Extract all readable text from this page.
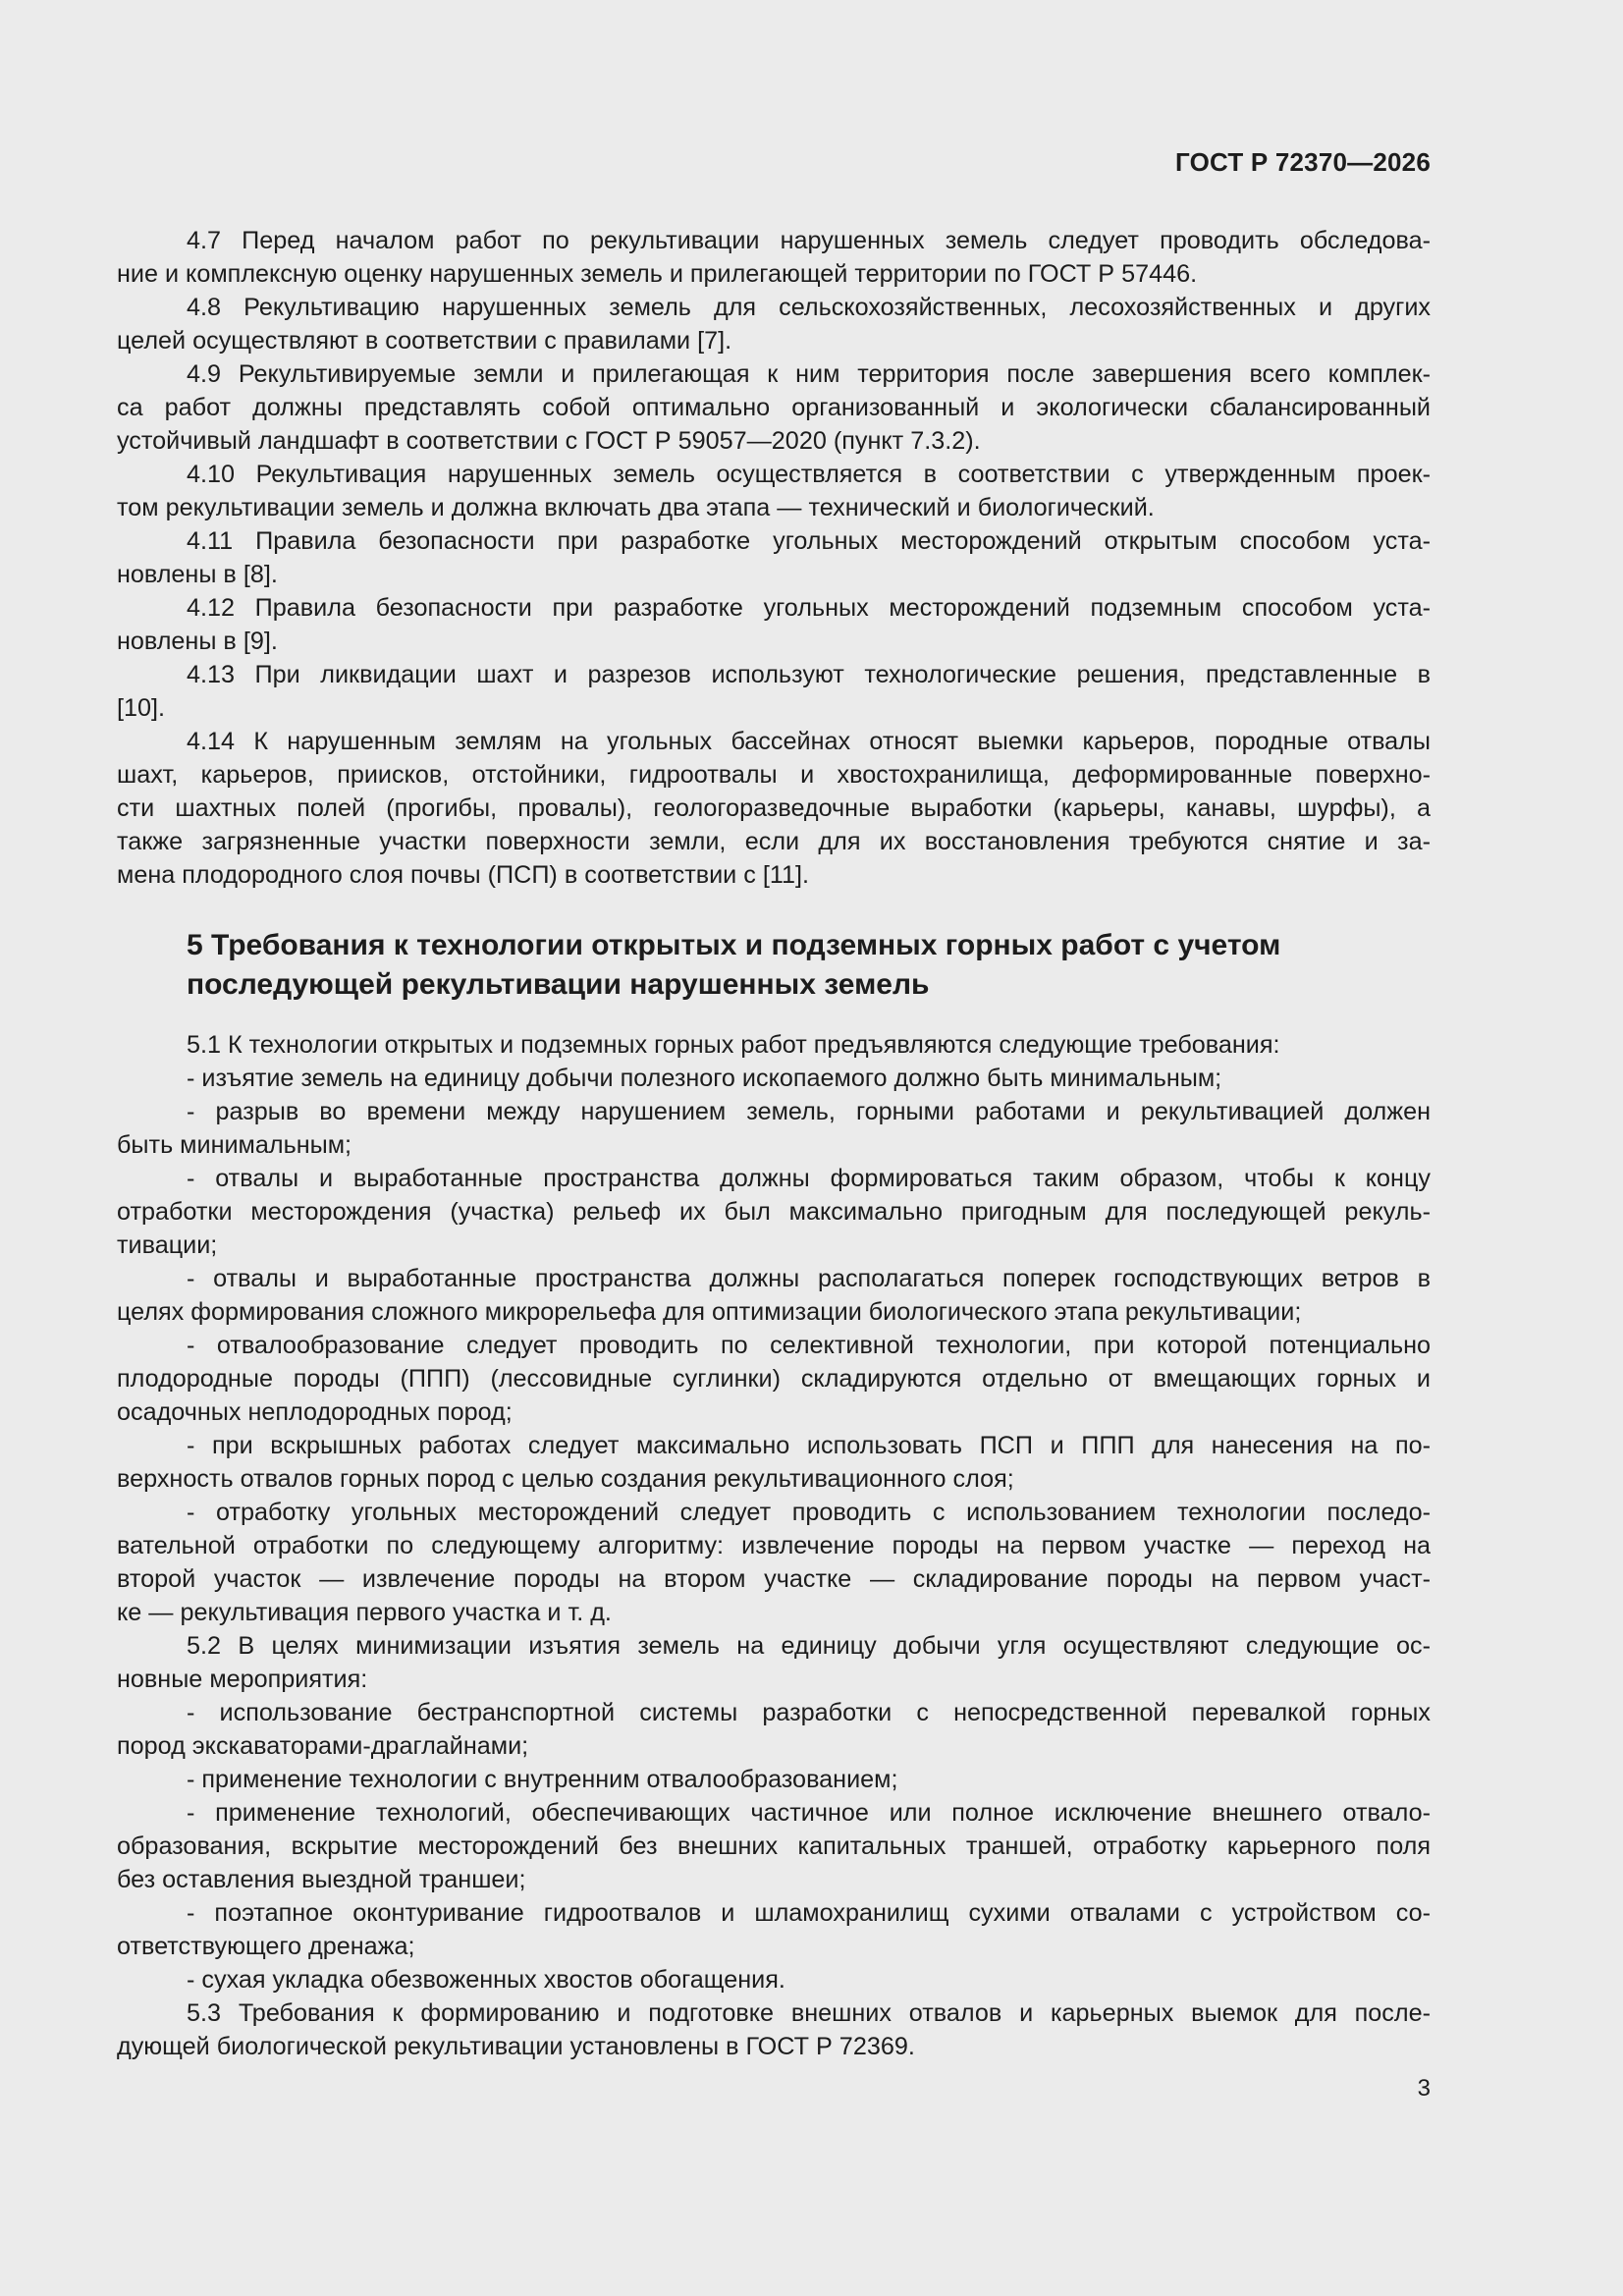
ГОСТ Р 72370—2026
4.7 Перед началом работ по рекультивации нарушенных земель следует проводить обследова-
ние и комплексную оценку нарушенных земель и прилегающей территории по ГОСТ Р 57446.
4.8 Рекультивацию нарушенных земель для сельскохозяйственных, лесохозяйственных и других
целей осуществляют в соответствии с правилами [7].
4.9 Рекультивируемые земли и прилегающая к ним территория после завершения всего комплек-
са работ должны представлять собой оптимально организованный и экологически сбалансированный
устойчивый ландшафт в соответствии с ГОСТ Р 59057—2020 (пункт 7.3.2).
4.10 Рекультивация нарушенных земель осуществляется в соответствии с утвержденным проек-
том рекультивации земель и должна включать два этапа — технический и биологический.
4.11 Правила безопасности при разработке угольных месторождений открытым способом уста-
новлены в [8].
4.12 Правила безопасности при разработке угольных месторождений подземным способом уста-
новлены в [9].
4.13 При ликвидации шахт и разрезов используют технологические решения, представленные в
[10].
4.14 К нарушенным землям на угольных бассейнах относят выемки карьеров, породные отвалы
шахт, карьеров, приисков, отстойники, гидроотвалы и хвостохранилища, деформированные поверхно-
сти шахтных полей (прогибы, провалы), геологоразведочные выработки (карьеры, канавы, шурфы), а
также загрязненные участки поверхности земли, если для их восстановления требуются снятие и за-
мена плодородного слоя почвы (ПСП) в соответствии с [11].
5 Требования к технологии открытых и подземных горных работ с учетом
последующей рекультивации нарушенных земель
5.1 К технологии открытых и подземных горных работ предъявляются следующие требования:
- изъятие земель на единицу добычи полезного ископаемого должно быть минимальным;
- разрыв во времени между нарушением земель, горными работами и рекультивацией должен
быть минимальным;
- отвалы и выработанные пространства должны формироваться таким образом, чтобы к концу
отработки месторождения (участка) рельеф их был максимально пригодным для последующей рекуль-
тивации;
- отвалы и выработанные пространства должны располагаться поперек господствующих ветров в
целях формирования сложного микрорельефа для оптимизации биологического этапа рекультивации;
- отвалообразование следует проводить по селективной технологии, при которой потенциально
плодородные породы (ППП) (лессовидные суглинки) складируются отдельно от вмещающих горных и
осадочных неплодородных пород;
- при вскрышных работах следует максимально использовать ПСП и ППП для нанесения на по-
верхность отвалов горных пород с целью создания рекультивационного слоя;
- отработку угольных месторождений следует проводить с использованием технологии последо-
вательной отработки по следующему алгоритму: извлечение породы на первом участке — переход на
второй участок — извлечение породы на втором участке — складирование породы на первом участ-
ке — рекультивация первого участка и т. д.
5.2 В целях минимизации изъятия земель на единицу добычи угля осуществляют следующие ос-
новные мероприятия:
- использование бестранспортной системы разработки с непосредственной перевалкой горных
пород экскаваторами-драглайнами;
- применение технологии с внутренним отвалообразованием;
- применение технологий, обеспечивающих частичное или полное исключение внешнего отвало-
образования, вскрытие месторождений без внешних капитальных траншей, отработку карьерного поля
без оставления выездной траншеи;
- поэтапное оконтуривание гидроотвалов и шламохранилищ сухими отвалами с устройством со-
ответствующего дренажа;
- сухая укладка обезвоженных хвостов обогащения.
5.3 Требования к формированию и подготовке внешних отвалов и карьерных выемок для после-
дующей биологической рекультивации установлены в ГОСТ Р 72369.
3
